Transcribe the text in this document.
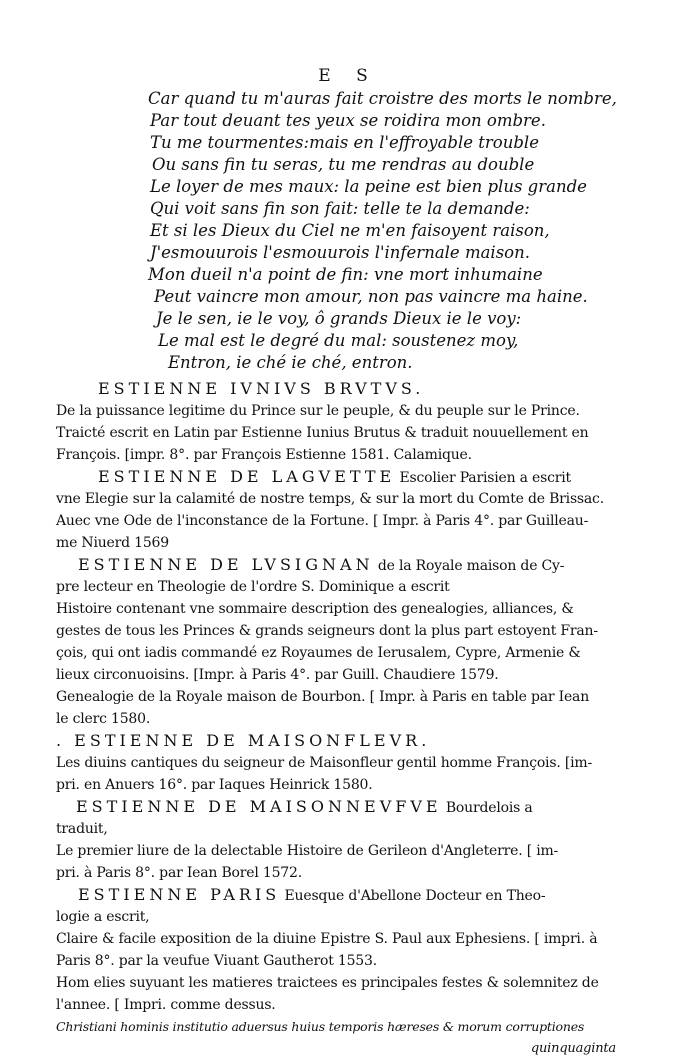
E S
Car quand tu m'auras fait croistre des morts le nombre,
Par tout deuant tes yeux se roidira mon ombre.
Tu me tourmentes:mais en l'effroyable trouble
Ou sans fin tu seras, tu me rendras au double
Le loyer de mes maux: la peine est bien plus grande
Qui voit sans fin son fait: telle te la demande:
Et si les Dieux du Ciel ne m'en faisoyent raison,
J'esmouurois l'esmouurois l'infernale maison.
Mon dueil n'a point de fin: vne mort inhumaine
Peut vaincre mon amour, non pas vaincre ma haine.
Je le sen, ie le voy, ô grands Dieux ie le voy:
Le mal est le degré du mal: soustenez moy,
Entron, ie ché ie ché, entron.
ESTIENNE IVNIVS BRVTVS.
De la puissance legitime du Prince sur le peuple, & du peuple sur le Prince.
Traicté escrit en Latin par Estienne Iunius Brutus & traduit nouuellement en
François. [impr. 8°. par François Estienne 1581. Calamique.
ESTIENNE DE LAGVETTE Escolier Parisien a escrit
vne Elegie sur la calamité de nostre temps, & sur la mort du Comte de Brissac.
Auec vne Ode de l'inconstance de la Fortune. [ Impr. à Paris 4°. par Guilleau-
me Niuerd 1569
ESTIENNE DE LVSIGNAN de la Royale maison de Cy-
pre lecteur en Theologie de l'ordre S. Dominique a escrit
Histoire contenant vne sommaire description des genealogies, alliances, &
gestes de tous les Princes & grands seigneurs dont la plus part estoyent Fran-
çois, qui ont iadis commandé ez Royaumes de Ierusalem, Cypre, Armenie &
lieux circonuoisins. [Impr. à Paris 4°. par Guill. Chaudiere 1579.
Genealogie de la Royale maison de Bourbon. [ Impr. à Paris en table par Iean
le clerc 1580.
. ESTIENNE DE MAISONFLEVR.
Les diuins cantiques du seigneur de Maisonfleur gentil homme François. [im-
pri. en Anuers 16°. par Iaques Heinrick 1580.
ESTIENNE DE MAISONNEVFVE Bourdelois a
traduit,
Le premier liure de la delectable Histoire de Gerileon d'Angleterre. [ im-
pri. à Paris 8°. par Iean Borel 1572.
ESTIENNE PARIS Euesque d'Abellone Docteur en Theo-
logie a escrit,
Claire & facile exposition de la diuine Epistre S. Paul aux Ephesiens. [ impri. à
Paris 8°. par la veufue Viuant Gautherot 1553.
Hom elies suyuant les matieres traictees es principales festes & solemnitez de
l'annee. [ Impri. comme dessus.
Christiani hominis institutio aduersus huius temporis hæreses & morum corruptiones
quinquaginta
